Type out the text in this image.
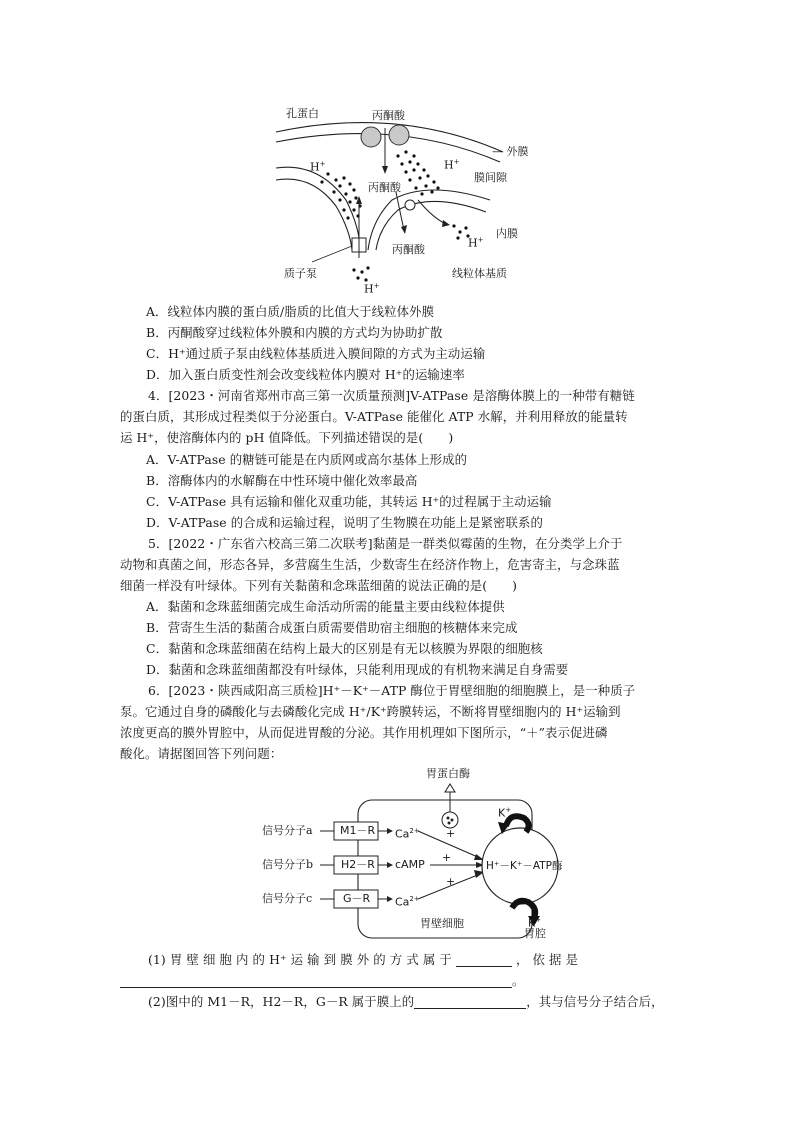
孔蛋白	丙酮酸
— 外膜
H+	H+
丙酮酸
膜间隙
H+ 内膜
丙酮酸
质子泵	线粒体基质
H+
A．线粒体内膜的蛋白质/脂质的比值大于线粒体外膜
B．丙酮酸穿过线粒体外膜和内膜的方式均为协助扩散
C．H⁺通过质子泵由线粒体基质进入膜间隙的方式为主动运输
D．加入蛋白质变性剂会改变线粒体内膜对 H⁺的运输速率
4．[2023・河南省郑州市高三第一次质量预测]V-ATPase 是溶酶体膜上的一种带有糖链
的蛋白质，其形成过程类似于分泌蛋白。V-ATPase 能催化 ATP 水解，并利用释放的能量转
运 H⁺，使溶酶体内的 pH 值降低。下列描述错误的是(　　)
A．V-ATPase 的糖链可能是在内质网或高尔基体上形成的
B．溶酶体内的水解酶在中性环境中催化效率最高
C．V-ATPase 具有运输和催化双重功能，其转运 H⁺的过程属于主动运输
D．V-ATPase 的合成和运输过程，说明了生物膜在功能上是紧密联系的
5．[2022・广东省六校高三第二次联考]黏菌是一群类似霉菌的生物，在分类学上介于
动物和真菌之间，形态各异，多营腐生生活，少数寄生在经济作物上，危害寄主，与念珠蓝
细菌一样没有叶绿体。下列有关黏菌和念珠蓝细菌的说法正确的是(　　)
A．黏菌和念珠蓝细菌完成生命活动所需的能量主要由线粒体提供
B．营寄生生活的黏菌合成蛋白质需要借助宿主细胞的核糖体来完成
C．黏菌和念珠蓝细菌在结构上最大的区别是有无以核膜为界限的细胞核
D．黏菌和念珠蓝细菌都没有叶绿体，只能利用现成的有机物来满足自身需要
6．[2023・陕西咸阳高三质检]H⁺－K⁺－ATP 酶位于胃壁细胞的细胞膜上，是一种质子
泵。它通过自身的磷酸化与去磷酸化完成 H⁺/K⁺跨膜转运，不断将胃壁细胞内的 H⁺运输到
浓度更高的膜外胃腔中，从而促进胃酸的分泌。其作用机理如下图所示，“＋”表示促进磷
酸化。请据图回答下列问题：
胃蛋白酶
K+
信号分子a
信号分子b
信号分子c
M1－R
H2－R
G－R
$Ca^{2+}$
cAMP
$Ca^{2+}$
+
+
+
H⁺－K⁺－ATP酶
K+
胃壁细胞
胃腔
(1) 胃 壁 细 胞 内 的 H⁺ 运 输 到 膜 外 的 方 式 属 于	， 依 据 是
。
(2)图中的 M1－R，H2－R，G－R 属于膜上的	，其与信号分子结合后，
